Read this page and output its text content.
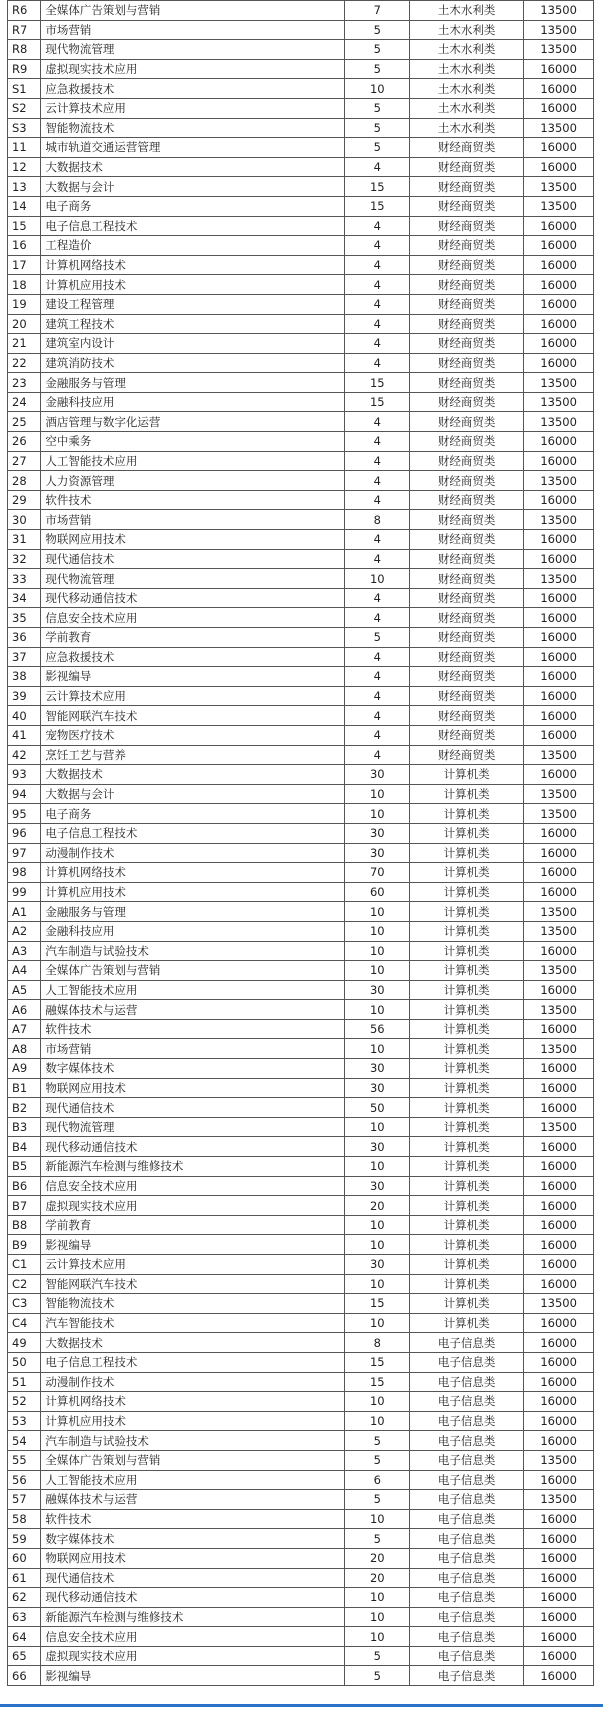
R6	全媒体广告策划与营销	7	土木水利类	13500
R7	市场营销	5	土木水利类	13500
R8	现代物流管理	5	土木水利类	13500
R9	虚拟现实技术应用	5	土木水利类	16000
S1	应急救援技术	10	土木水利类	16000
S2	云计算技术应用	5	土木水利类	16000
S3	智能物流技术	5	土木水利类	13500
11	城市轨道交通运营管理	5	财经商贸类	16000
12	大数据技术	4	财经商贸类	16000
13	大数据与会计	15	财经商贸类	13500
14	电子商务	15	财经商贸类	13500
15	电子信息工程技术	4	财经商贸类	16000
16	工程造价	4	财经商贸类	16000
17	计算机网络技术	4	财经商贸类	16000
18	计算机应用技术	4	财经商贸类	16000
19	建设工程管理	4	财经商贸类	16000
20	建筑工程技术	4	财经商贸类	16000
21	建筑室内设计	4	财经商贸类	16000
22	建筑消防技术	4	财经商贸类	16000
23	金融服务与管理	15	财经商贸类	13500
24	金融科技应用	15	财经商贸类	13500
25	酒店管理与数字化运营	4	财经商贸类	13500
26	空中乘务	4	财经商贸类	16000
27	人工智能技术应用	4	财经商贸类	16000
28	人力资源管理	4	财经商贸类	13500
29	软件技术	4	财经商贸类	16000
30	市场营销	8	财经商贸类	13500
31	物联网应用技术	4	财经商贸类	16000
32	现代通信技术	4	财经商贸类	16000
33	现代物流管理	10	财经商贸类	13500
34	现代移动通信技术	4	财经商贸类	16000
35	信息安全技术应用	4	财经商贸类	16000
36	学前教育	5	财经商贸类	16000
37	应急救援技术	4	财经商贸类	16000
38	影视编导	4	财经商贸类	16000
39	云计算技术应用	4	财经商贸类	16000
40	智能网联汽车技术	4	财经商贸类	16000
41	宠物医疗技术	4	财经商贸类	16000
42	烹饪工艺与营养	4	财经商贸类	13500
93	大数据技术	30	计算机类	16000
94	大数据与会计	10	计算机类	13500
95	电子商务	10	计算机类	13500
96	电子信息工程技术	30	计算机类	16000
97	动漫制作技术	30	计算机类	16000
98	计算机网络技术	70	计算机类	16000
99	计算机应用技术	60	计算机类	16000
A1	金融服务与管理	10	计算机类	13500
A2	金融科技应用	10	计算机类	13500
A3	汽车制造与试验技术	10	计算机类	16000
A4	全媒体广告策划与营销	10	计算机类	13500
A5	人工智能技术应用	30	计算机类	16000
A6	融媒体技术与运营	10	计算机类	13500
A7	软件技术	56	计算机类	16000
A8	市场营销	10	计算机类	13500
A9	数字媒体技术	30	计算机类	16000
B1	物联网应用技术	30	计算机类	16000
B2	现代通信技术	50	计算机类	16000
B3	现代物流管理	10	计算机类	13500
B4	现代移动通信技术	30	计算机类	16000
B5	新能源汽车检测与维修技术	10	计算机类	16000
B6	信息安全技术应用	30	计算机类	16000
B7	虚拟现实技术应用	20	计算机类	16000
B8	学前教育	10	计算机类	16000
B9	影视编导	10	计算机类	16000
C1	云计算技术应用	30	计算机类	16000
C2	智能网联汽车技术	10	计算机类	16000
C3	智能物流技术	15	计算机类	13500
C4	汽车智能技术	10	计算机类	16000
49	大数据技术	8	电子信息类	16000
50	电子信息工程技术	15	电子信息类	16000
51	动漫制作技术	15	电子信息类	16000
52	计算机网络技术	10	电子信息类	16000
53	计算机应用技术	10	电子信息类	16000
54	汽车制造与试验技术	5	电子信息类	16000
55	全媒体广告策划与营销	5	电子信息类	13500
56	人工智能技术应用	6	电子信息类	16000
57	融媒体技术与运营	5	电子信息类	13500
58	软件技术	10	电子信息类	16000
59	数字媒体技术	5	电子信息类	16000
60	物联网应用技术	20	电子信息类	16000
61	现代通信技术	20	电子信息类	16000
62	现代移动通信技术	10	电子信息类	16000
63	新能源汽车检测与维修技术	10	电子信息类	16000
64	信息安全技术应用	10	电子信息类	16000
65	虚拟现实技术应用	5	电子信息类	16000
66	影视编导	5	电子信息类	16000
